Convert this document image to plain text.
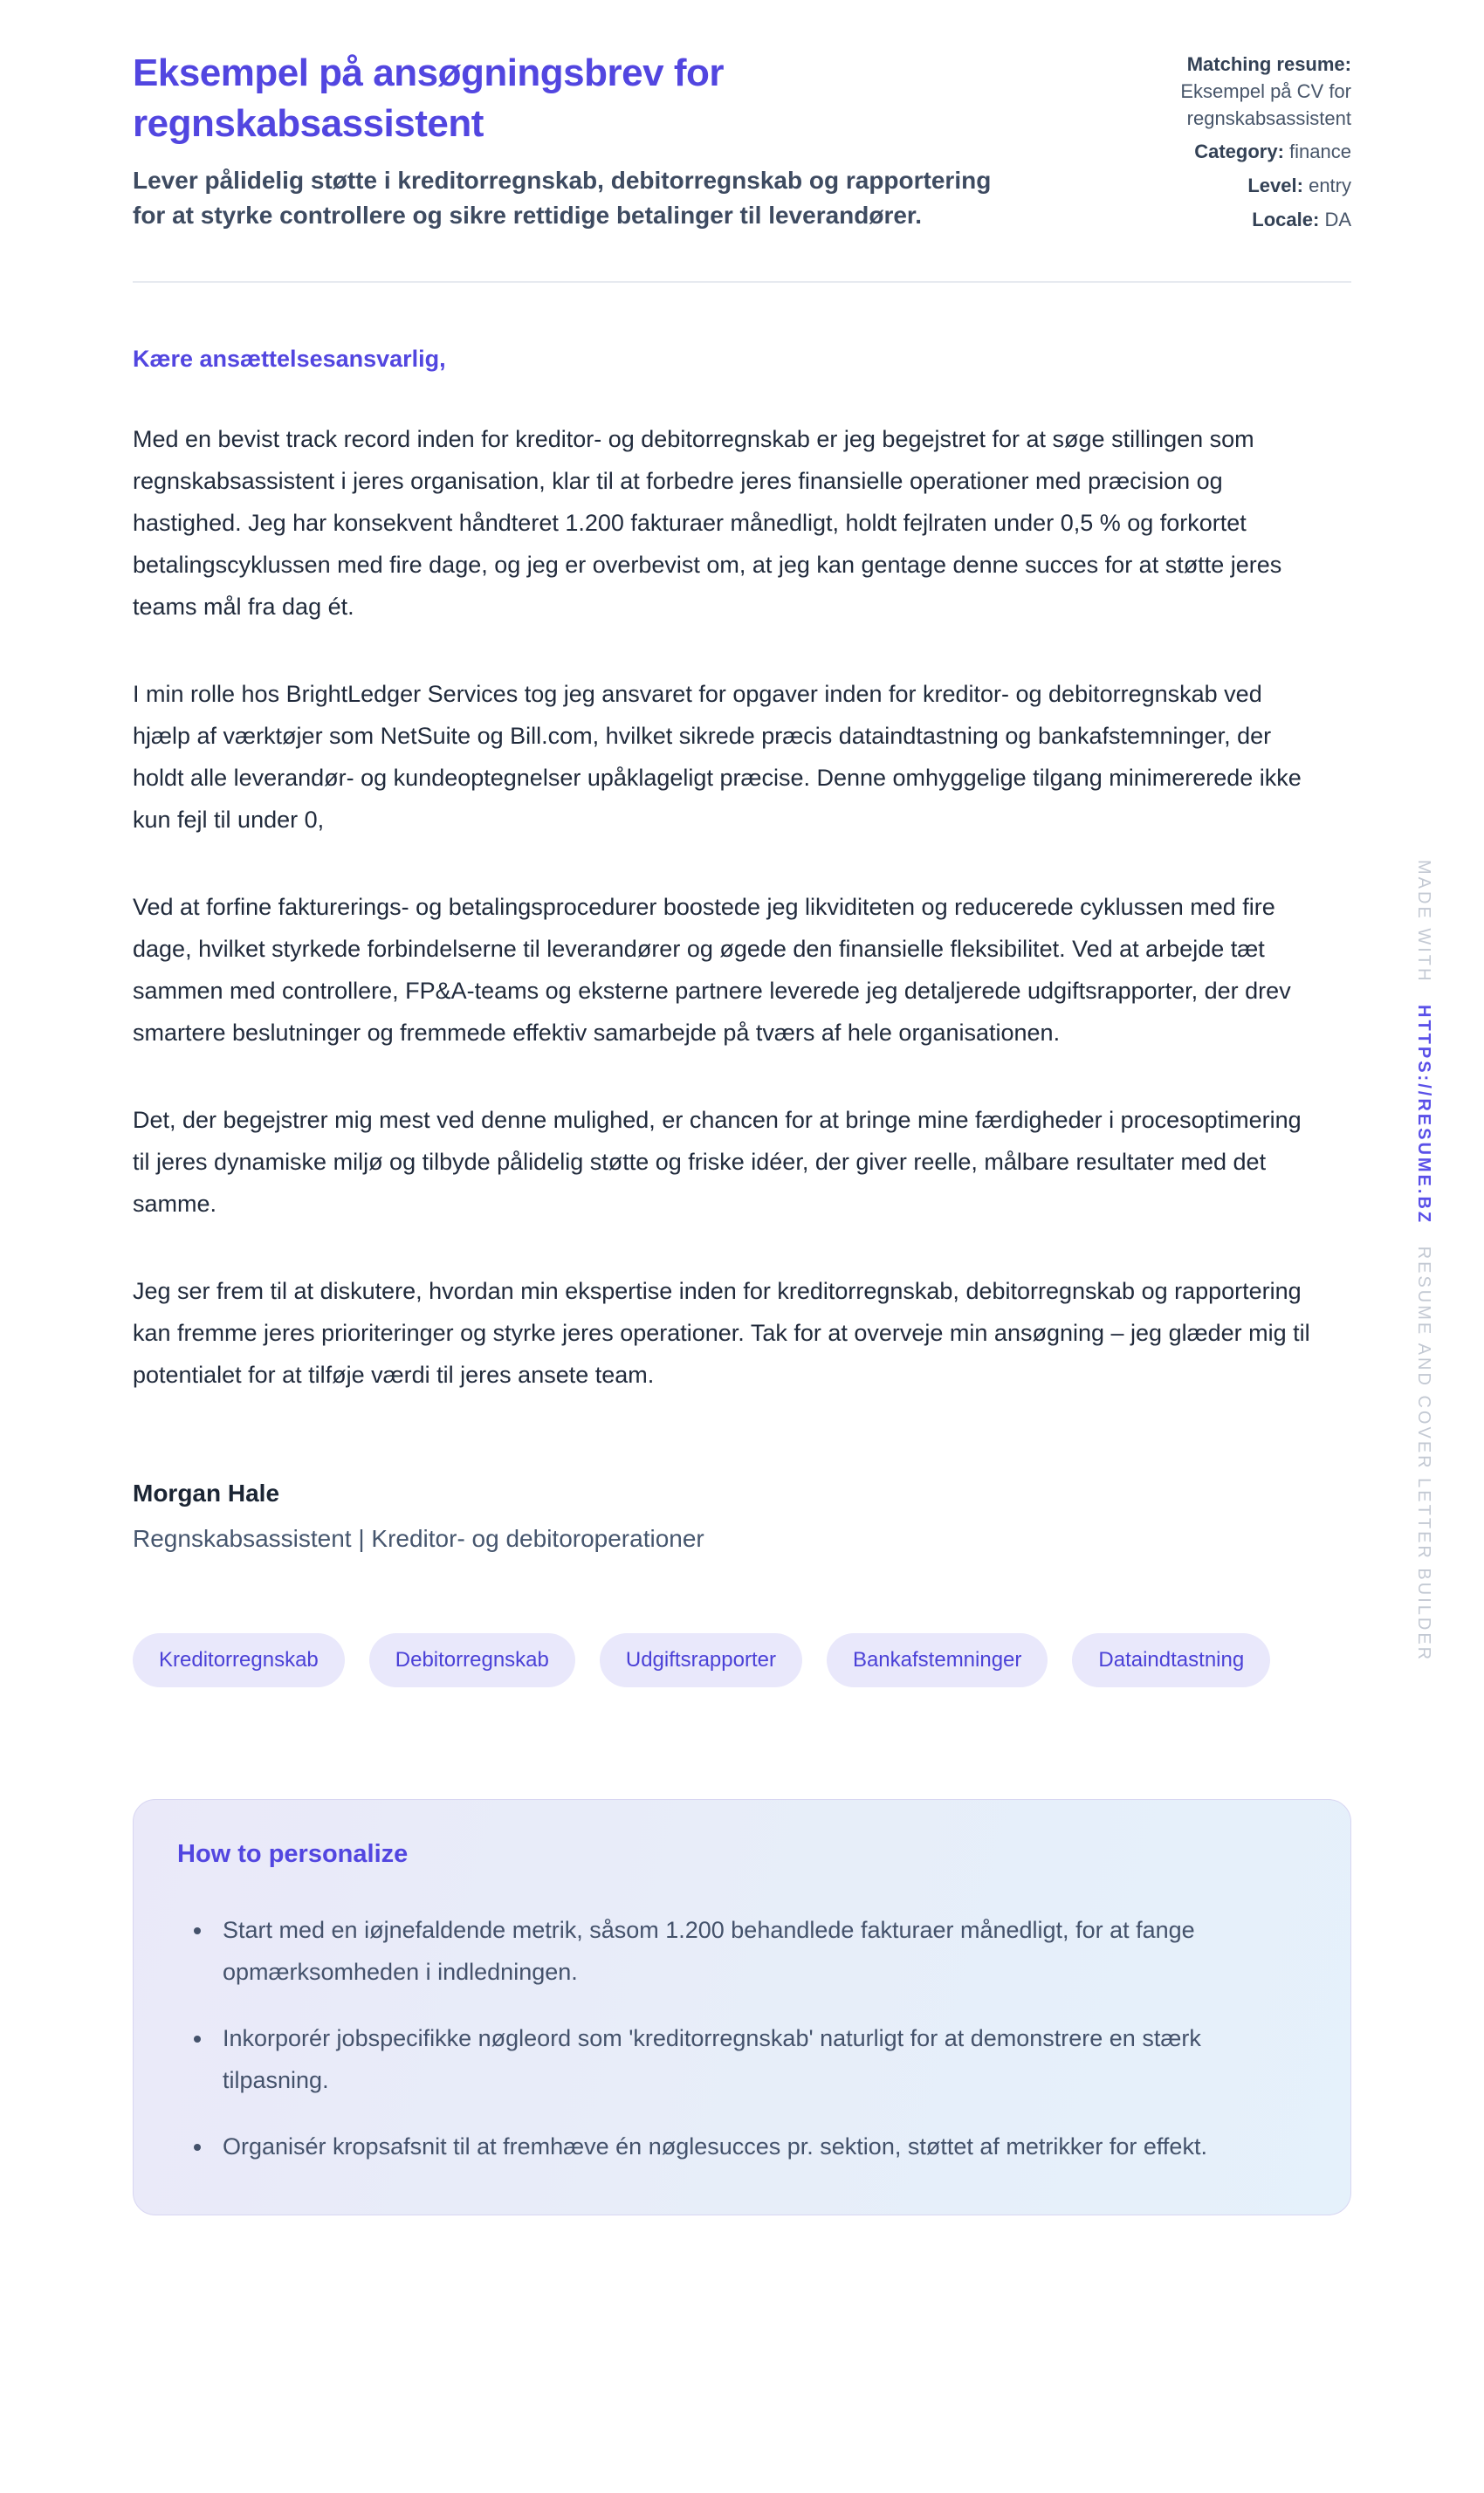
Eksempel på ansøgningsbrev for regnskabsassistent

Lever pålidelig støtte i kreditorregnskab, debitorregnskab og rapportering for at styrke controllere og sikre rettidige betalinger til leverandører.

Matching resume:
Eksempel på CV for regnskabsassistent
Category: finance
Level: entry
Locale: DA

Kære ansættelsesansvarlig,

Med en bevist track record inden for kreditor- og debitorregnskab er jeg begejstret for at søge stillingen som regnskabsassistent i jeres organisation, klar til at forbedre jeres finansielle operationer med præcision og hastighed. Jeg har konsekvent håndteret 1.200 fakturaer månedligt, holdt fejlraten under 0,5 % og forkortet betalingscyklussen med fire dage, og jeg er overbevist om, at jeg kan gentage denne succes for at støtte jeres teams mål fra dag ét.

I min rolle hos BrightLedger Services tog jeg ansvaret for opgaver inden for kreditor- og debitorregnskab ved hjælp af værktøjer som NetSuite og Bill.com, hvilket sikrede præcis dataindtastning og bankafstemninger, der holdt alle leverandør- og kundeoptegnelser upåklageligt præcise. Denne omhyggelige tilgang minimererede ikke kun fejl til under 0,

Ved at forfine fakturerings- og betalingsprocedurer boostede jeg likviditeten og reducerede cyklussen med fire dage, hvilket styrkede forbindelserne til leverandører og øgede den finansielle fleksibilitet. Ved at arbejde tæt sammen med controllere, FP&A-teams og eksterne partnere leverede jeg detaljerede udgiftsrapporter, der drev smartere beslutninger og fremmede effektiv samarbejde på tværs af hele organisationen.

Det, der begejstrer mig mest ved denne mulighed, er chancen for at bringe mine færdigheder i procesoptimering til jeres dynamiske miljø og tilbyde pålidelig støtte og friske idéer, der giver reelle, målbare resultater med det samme.

Jeg ser frem til at diskutere, hvordan min ekspertise inden for kreditorregnskab, debitorregnskab og rapportering kan fremme jeres prioriteringer og styrke jeres operationer. Tak for at overveje min ansøgning – jeg glæder mig til potentialet for at tilføje værdi til jeres ansete team.

Morgan Hale

Regnskabsassistent | Kreditor- og debitoroperationer

Kreditorregnskab	Debitorregnskab	Udgiftsrapporter	Bankafstemninger	Dataindtastning
How to personalize
• Start med en iøjnefaldende metrik, såsom 1.200 behandlede fakturaer månedligt, for at fange opmærksomheden i indledningen.
• Inkorporér jobspecifikke nøgleord som 'kreditorregnskab' naturligt for at demonstrere en stærk tilpasning.
• Organisér kropsafsnit til at fremhæve én nøglesucces pr. sektion, støttet af metrikker for effekt.
MADE WITH HTTPS://RESUME.BZ RESUME AND COVER LETTER BUILDER
